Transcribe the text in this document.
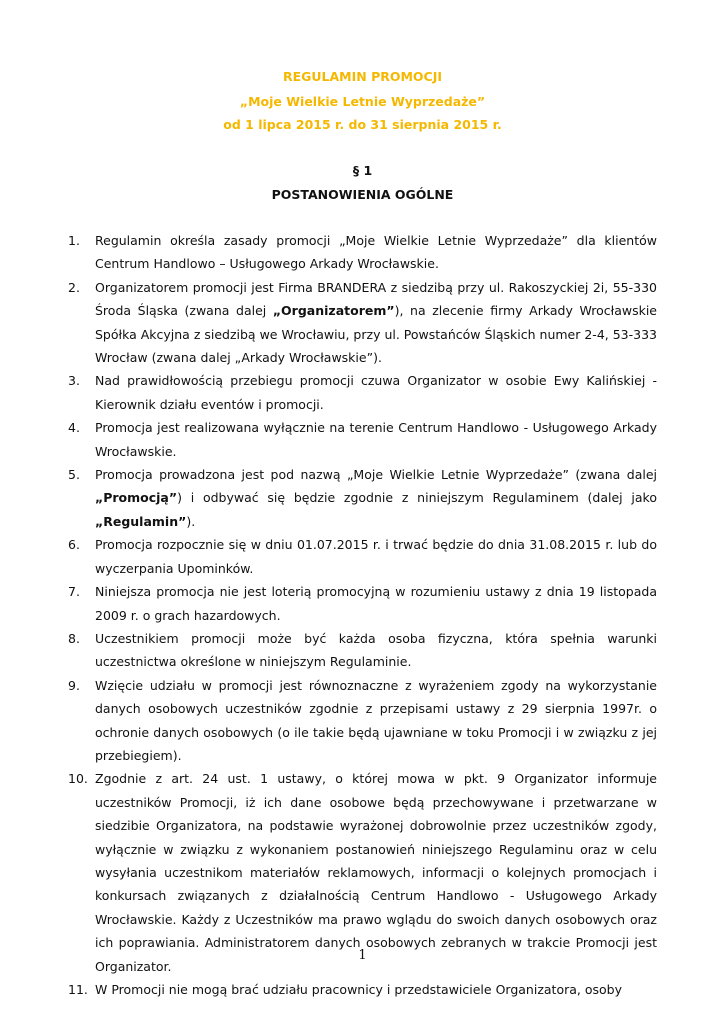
REGULAMIN PROMOCJI
„Moje Wielkie Letnie Wyprzedaże”
od 1 lipca 2015 r. do 31 sierpnia 2015 r.
§ 1
POSTANOWIENIA OGÓLNE
1. Regulamin określa zasady promocji „Moje Wielkie Letnie Wyprzedaże” dla klientów Centrum Handlowo – Usługowego Arkady Wrocławskie.
2. Organizatorem promocji jest Firma BRANDERA z siedzibą przy ul. Rakoszyckiej 2i, 55-330 Środa Śląska (zwana dalej „Organizatorem”), na zlecenie firmy Arkady Wrocławskie Spółka Akcyjna z siedzibą we Wrocławiu, przy ul. Powstańców Śląskich numer 2-4, 53-333 Wrocław (zwana dalej „Arkady Wrocławskie”).
3. Nad prawidłowością przebiegu promocji czuwa Organizator w osobie Ewy Kalińskiej - Kierownik działu eventów i promocji.
4. Promocja jest realizowana wyłącznie na terenie Centrum Handlowo - Usługowego Arkady Wrocławskie.
5. Promocja prowadzona jest pod nazwą „Moje Wielkie Letnie Wyprzedaże” (zwana dalej „Promocją”) i odbywać się będzie zgodnie z niniejszym Regulaminem (dalej jako „Regulamin”).
6. Promocja rozpocznie się w dniu 01.07.2015 r. i trwać będzie do dnia 31.08.2015 r. lub do wyczerpania Upominków.
7. Niniejsza promocja nie jest loterią promocyjną w rozumieniu ustawy z dnia 19 listopada 2009 r. o grach hazardowych.
8. Uczestnikiem promocji może być każda osoba fizyczna, która spełnia warunki uczestnictwa określone w niniejszym Regulaminie.
9. Wzięcie udziału w promocji jest równoznaczne z wyrażeniem zgody na wykorzystanie danych osobowych uczestników zgodnie z przepisami ustawy z 29 sierpnia 1997r. o ochronie danych osobowych (o ile takie będą ujawniane w toku Promocji i w związku z jej przebiegiem).
10. Zgodnie z art. 24 ust. 1 ustawy, o której mowa w pkt. 9 Organizator informuje uczestników Promocji, iż ich dane osobowe będą przechowywane i przetwarzane w siedzibie Organizatora, na podstawie wyrażonej dobrowolnie przez uczestników zgody, wyłącznie w związku z wykonaniem postanowień niniejszego Regulaminu oraz w celu wysyłania uczestnikom materiałów reklamowych, informacji o kolejnych promocjach i konkursach związanych z działalnością Centrum Handlowo - Usługowego Arkady Wrocławskie. Każdy z Uczestników ma prawo wglądu do swoich danych osobowych oraz ich poprawiania. Administratorem danych osobowych zebranych w trakcie Promocji jest Organizator.
11. W Promocji nie mogą brać udziału pracownicy i przedstawiciele Organizatora, osoby
1
